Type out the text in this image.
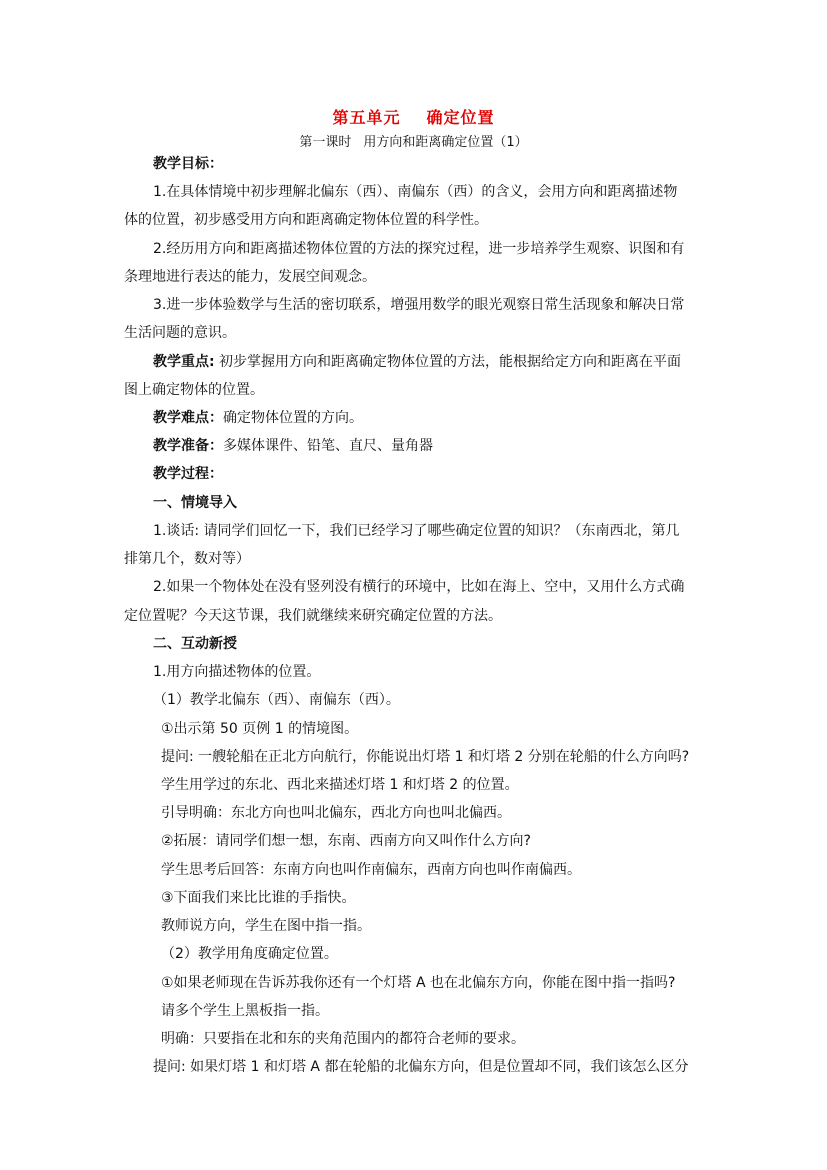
第五单元 确定位置
第一课时 用方向和距离确定位置（1）
教学目标：
1.在具体情境中初步理解北偏东（西）、南偏东（西）的含义，会用方向和距离描述物
体的位置，初步感受用方向和距离确定物体位置的科学性。
2.经历用方向和距离描述物体位置的方法的探究过程，进一步培养学生观察、识图和有
条理地进行表达的能力，发展空间观念。
3.进一步体验数学与生活的密切联系，增强用数学的眼光观察日常生活现象和解决日常
生活问题的意识。
教学重点: 初步掌握用方向和距离确定物体位置的方法，能根据给定方向和距离在平面
图上确定物体的位置。
教学难点：确定物体位置的方向。
教学准备：多媒体课件、铅笔、直尺、量角器
教学过程：
一、情境导入
1.谈话: 请同学们回忆一下，我们已经学习了哪些确定位置的知识？（东南西北，第几
排第几个，数对等）
2.如果一个物体处在没有竖列没有横行的环境中，比如在海上、空中，又用什么方式确
定位置呢？今天这节课，我们就继续来研究确定位置的方法。
二、互动新授
1.用方向描述物体的位置。
（1）教学北偏东（西）、南偏东（西）。
①出示第 50 页例 1 的情境图。
提问: 一艘轮船在正北方向航行，你能说出灯塔 1 和灯塔 2 分别在轮船的什么方向吗?
学生用学过的东北、西北来描述灯塔 1 和灯塔 2 的位置。
引导明确：东北方向也叫北偏东，西北方向也叫北偏西。
②拓展：请同学们想一想，东南、西南方向又叫作什么方向?
学生思考后回答：东南方向也叫作南偏东，西南方向也叫作南偏西。
③下面我们来比比谁的手指快。
教师说方向，学生在图中指一指。
（2）教学用角度确定位置。
①如果老师现在告诉苏我你还有一个灯塔 A 也在北偏东方向，你能在图中指一指吗?
请多个学生上黑板指一指。
明确：只要指在北和东的夹角范围内的都符合老师的要求。
提问: 如果灯塔 1 和灯塔 A 都在轮船的北偏东方向，但是位置却不同，我们该怎么区分
